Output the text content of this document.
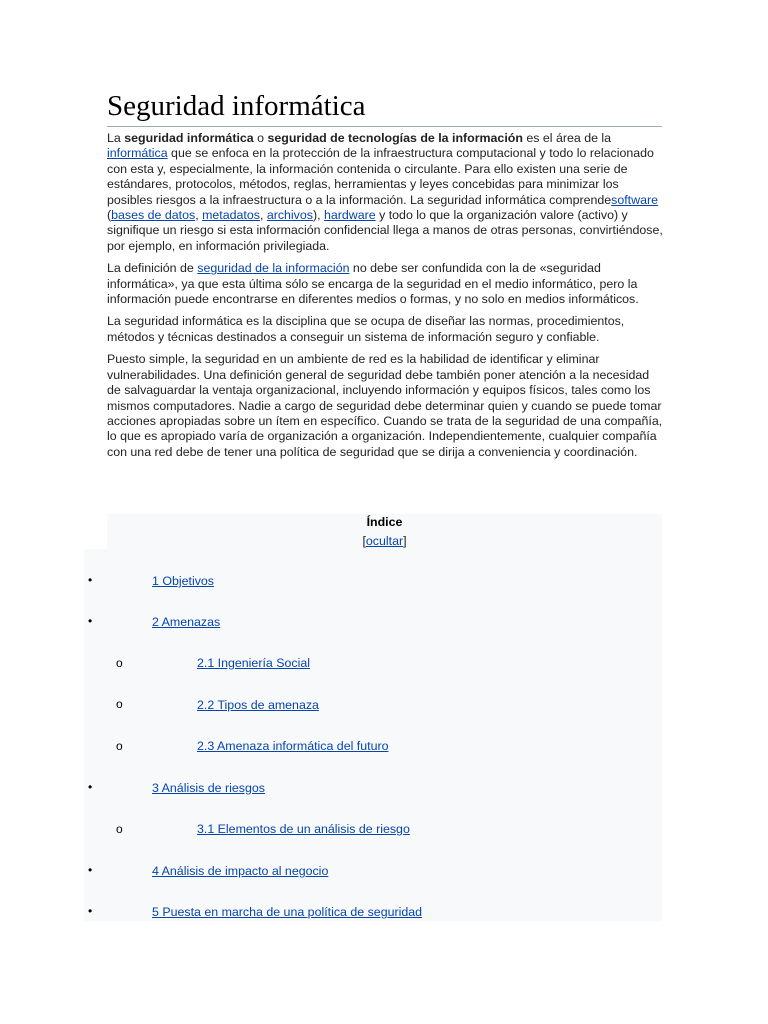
Seguridad informática

La seguridad informática o seguridad de tecnologías de la información es el área de la informática que se enfoca en la protección de la infraestructura computacional y todo lo relacionado con esta y, especialmente, la información contenida o circulante. Para ello existen una serie de estándares, protocolos, métodos, reglas, herramientas y leyes concebidas para minimizar los posibles riesgos a la infraestructura o a la información. La seguridad informática comprendesoftware (bases de datos, metadatos, archivos), hardware y todo lo que la organización valore (activo) y signifique un riesgo si esta información confidencial llega a manos de otras personas, convirtiéndose, por ejemplo, en información privilegiada.

La definición de seguridad de la información no debe ser confundida con la de «seguridad informática», ya que esta última sólo se encarga de la seguridad en el medio informático, pero la información puede encontrarse en diferentes medios o formas, y no solo en medios informáticos.

La seguridad informática es la disciplina que se ocupa de diseñar las normas, procedimientos, métodos y técnicas destinados a conseguir un sistema de información seguro y confiable.

Puesto simple, la seguridad en un ambiente de red es la habilidad de identificar y eliminar vulnerabilidades. Una definición general de seguridad debe también poner atención a la necesidad de salvaguardar la ventaja organizacional, incluyendo información y equipos físicos, tales como los mismos computadores. Nadie a cargo de seguridad debe determinar quien y cuando se puede tomar acciones apropiadas sobre un ítem en específico. Cuando se trata de la seguridad de una compañía, lo que es apropiado varía de organización a organización. Independientemente, cualquier compañía con una red debe de tener una política de seguridad que se dirija a conveniencia y coordinación.

Índice
[ocultar]
•	1 Objetivos
•	2 Amenazas
o	2.1 Ingeniería Social
o	2.2 Tipos de amenaza
o	2.3 Amenaza informática del futuro
•	3 Análisis de riesgos
o	3.1 Elementos de un análisis de riesgo
•	4 Análisis de impacto al negocio
•	5 Puesta en marcha de una política de seguridad
